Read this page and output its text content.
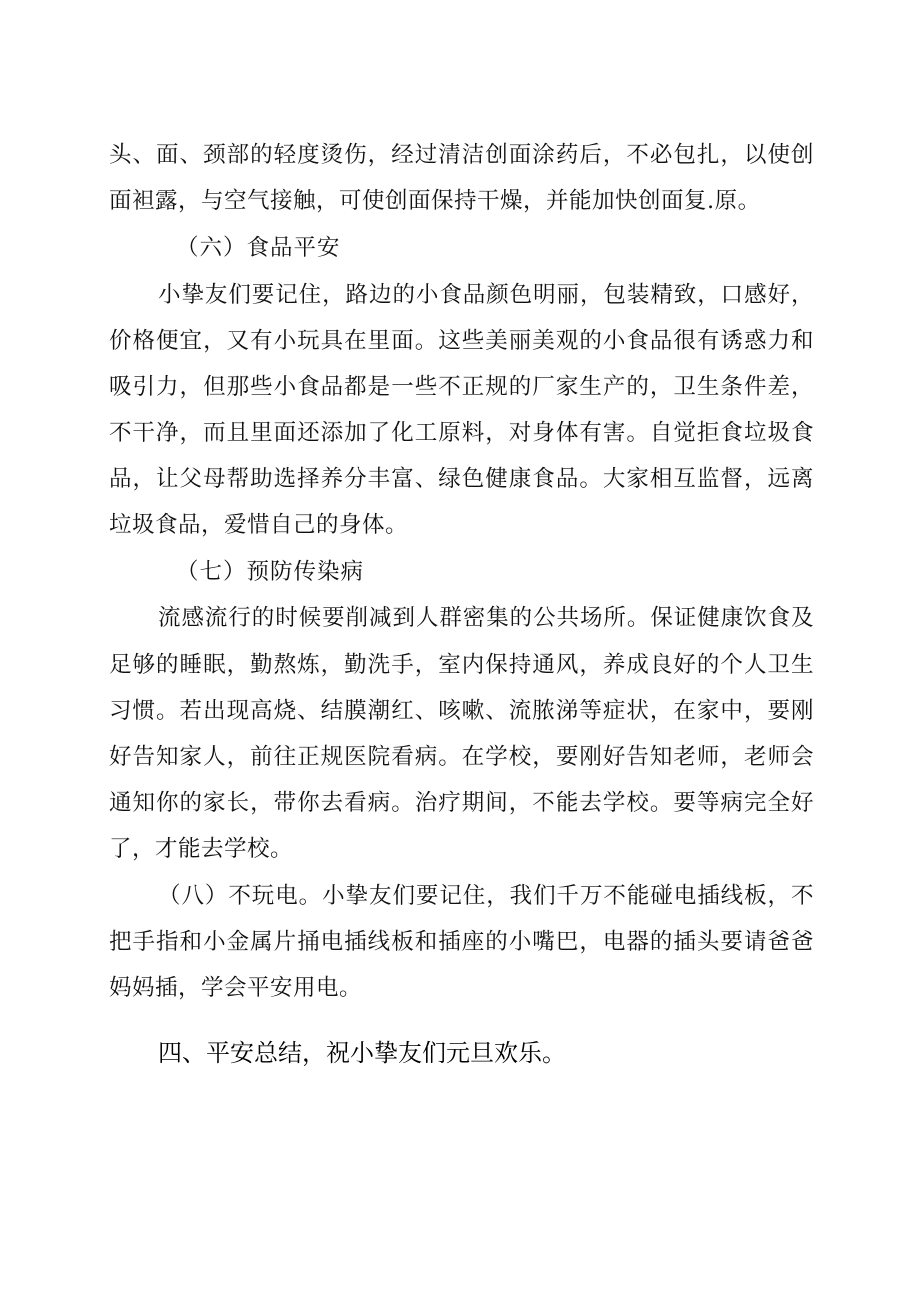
头、面、颈部的轻度烫伤，经过清洁创面涂药后，不必包扎，以使创
面袒露，与空气接触，可使创面保持干燥，并能加快创面复.原。
（六）食品平安
小挚友们要记住，路边的小食品颜色明丽，包装精致，口感好，
价格便宜，又有小玩具在里面。这些美丽美观的小食品很有诱惑力和
吸引力，但那些小食品都是一些不正规的厂家生产的，卫生条件差，
不干净，而且里面还添加了化工原料，对身体有害。自觉拒食垃圾食
品，让父母帮助选择养分丰富、绿色健康食品。大家相互监督，远离
垃圾食品，爱惜自己的身体。
（七）预防传染病
流感流行的时候要削减到人群密集的公共场所。保证健康饮食及
足够的睡眠，勤熬炼，勤洗手，室内保持通风，养成良好的个人卫生
习惯。若出现高烧、结膜潮红、咳嗽、流脓涕等症状，在家中，要刚
好告知家人，前往正规医院看病。在学校，要刚好告知老师，老师会
通知你的家长，带你去看病。治疗期间，不能去学校。要等病完全好
了，才能去学校。
（八）不玩电。小挚友们要记住，我们千万不能碰电插线板，不
把手指和小金属片捅电插线板和插座的小嘴巴，电器的插头要请爸爸
妈妈插，学会平安用电。
四、平安总结，祝小挚友们元旦欢乐。
